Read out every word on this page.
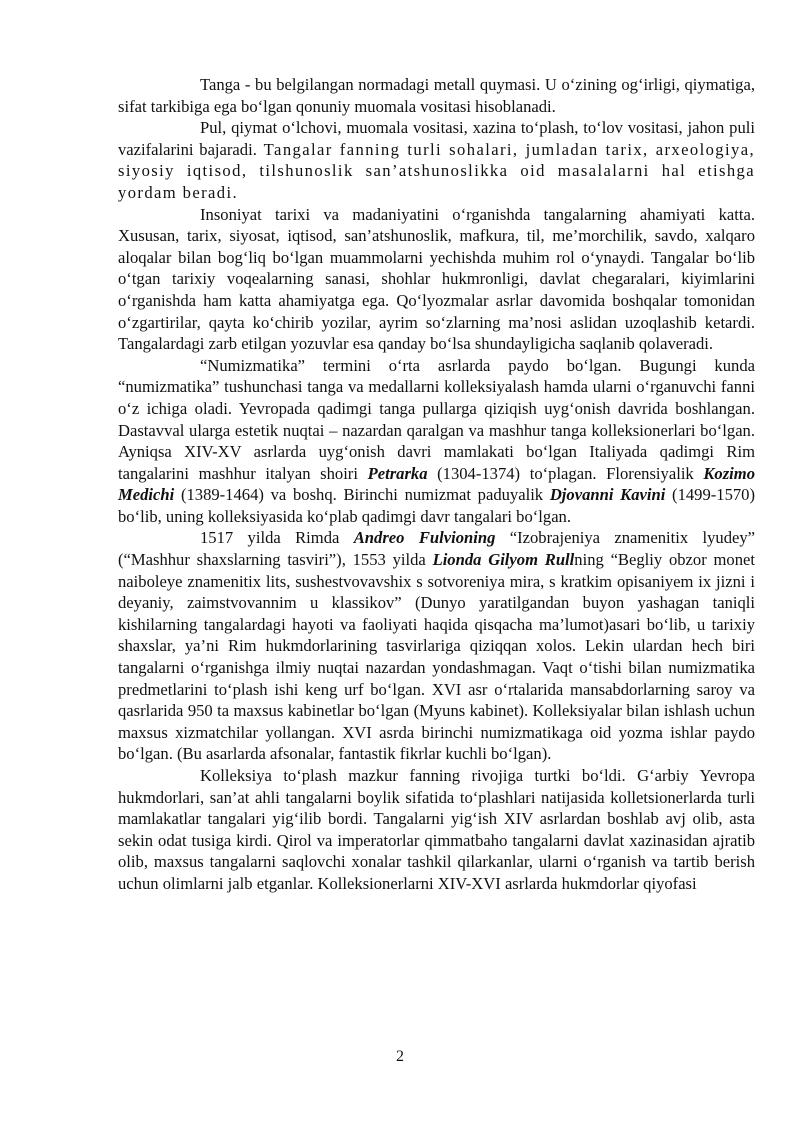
Tanga - bu belgilangan normadagi metall quymasi. U o‘zining og‘irligi, qiymatiga, sifat tarkibiga ega bo‘lgan qonuniy muomala vositasi hisoblanadi.

Pul, qiymat o‘lchovi, muomala vositasi, xazina to‘plash, to‘lov vositasi, jahon puli vazifalarini bajaradi. Tangalar fanning turli sohalari, jumladan tarix, arxeologiya, siyosiy iqtisod, tilshunoslik san’atshunoslikka oid masalalarni hal etishga yordam beradi.

Insoniyat tarixi va madaniyatini o‘rganishda tangalarning ahamiyati katta. Xususan, tarix, siyosat, iqtisod, san’atshunoslik, mafkura, til, me’morchilik, savdo, xalqaro aloqalar bilan bog‘liq bo‘lgan muammolarni yechishda muhim rol o‘ynaydi. Tangalar bo‘lib o‘tgan tarixiy voqealarning sanasi, shohlar hukmronligi, davlat chegaralari, kiyimlarini o‘rganishda ham katta ahamiyatga ega. Qo‘lyozmalar asrlar davomida boshqalar tomonidan o‘zgartirilar, qayta ko‘chirib yozilar, ayrim so‘zlarning ma’nosi aslidan uzoqlashib ketardi. Tangalardagi zarb etilgan yozuvlar esa qanday bo‘lsa shundayligicha saqlanib qolaveradi.

“Numizmatika” termini o‘rta asrlarda paydo bo‘lgan. Bugungi kunda “numizmatika” tushunchasi tanga va medallarni kolleksiyalash hamda ularni o‘rganuvchi fanni o‘z ichiga oladi. Yevropada qadimgi tanga pullarga qiziqish uyg‘onish davrida boshlangan. Dastavval ularga estetik nuqtai – nazardan qaralgan va mashhur tanga kolleksionerlari bo‘lgan. Ayniqsa XIV-XV asrlarda uyg‘onish davri mamlakati bo‘lgan Italiyada qadimgi Rim tangalarini mashhur italyan shoiri Petrarka (1304-1374) to‘plagan. Florensiyalik Kozimo Medichi (1389-1464) va boshq. Birinchi numizmat paduyalik Djovanni Kavini (1499-1570) bo‘lib, uning kolleksiyasida ko‘plab qadimgi davr tangalari bo‘lgan.

1517 yilda Rimda Andreo Fulvioning “Izobrajeniya znamenitix lyudey” (“Mashhur shaxslarning tasviri”), 1553 yilda Lionda Gilyom Rullning “Begliy obzor monet naiboleye znamenitix lits, sushestvovavshix s sotvoreniya mira, s kratkim opisaniyem ix jizni i deyaniy, zaimstvovannim u klassikov” (Dunyo yaratilgandan buyon yashagan taniqli kishilarning tangalardagi hayoti va faoliyati haqida qisqacha ma’lumot)asari bo‘lib, u tarixiy shaxslar, ya’ni Rim hukmdorlarining tasvirlariga qiziqqan xolos. Lekin ulardan hech biri tangalarni o‘rganishga ilmiy nuqtai nazardan yondashmagan. Vaqt o‘tishi bilan numizmatika predmetlarini to‘plash ishi keng urf bo‘lgan. XVI asr o‘rtalarida mansabdorlarning saroy va qasrlarida 950 ta maxsus kabinetlar bo‘lgan (Myuns kabinet). Kolleksiyalar bilan ishlash uchun maxsus xizmatchilar yollangan. XVI asrda birinchi numizmatikaga oid yozma ishlar paydo bo‘lgan. (Bu asarlarda afsonalar, fantastik fikrlar kuchli bo‘lgan).

Kolleksiya to‘plash mazkur fanning rivojiga turtki bo‘ldi. G‘arbiy Yevropa hukmdorlari, san’at ahli tangalarni boylik sifatida to‘plashlari natijasida kolletsionerlarda turli mamlakatlar tangalari yig‘ilib bordi. Tangalarni yig‘ish XIV asrlardan boshlab avj olib, asta sekin odat tusiga kirdi. Qirol va imperatorlar qimmatbaho tangalarni davlat xazinasidan ajratib olib, maxsus tangalarni saqlovchi xonalar tashkil qilarkanlar, ularni o‘rganish va tartib berish uchun olimlarni jalb etganlar. Kolleksionerlarni XIV-XVI asrlarda hukmdorlar qiyofasi

2
